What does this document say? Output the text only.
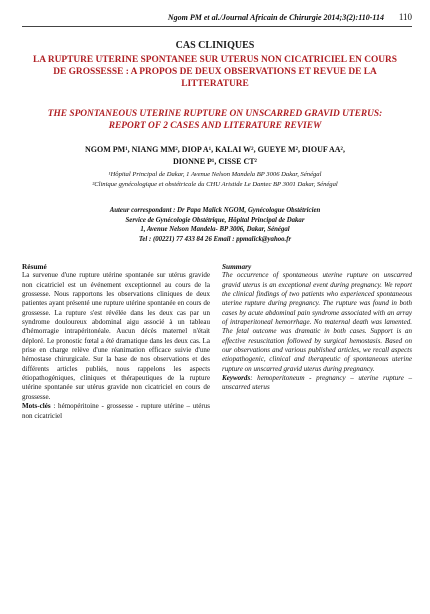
Ngom PM et al./Journal Africain de Chirurgie 2014;3(2):110-114 110
CAS CLINIQUES
LA RUPTURE UTERINE SPONTANEE SUR UTERUS NON CICATRICIEL EN COURS DE GROSSESSE : A PROPOS DE DEUX OBSERVATIONS ET REVUE DE LA LITTERATURE
THE SPONTANEOUS UTERINE RUPTURE ON UNSCARRED GRAVID UTERUS: REPORT OF 2 CASES AND LITERATURE REVIEW
NGOM PM¹, NIANG MM², DIOP A¹, KALAI W², GUEYE M², DIOUF AA²,
DIONNE P¹, CISSE CT²
¹Hôpital Principal de Dakar, 1 Avenue Nelson Mandela BP 3006 Dakar, Sénégal
²Clinique gynécologique et obstétricale du CHU Aristide Le Dantec BP 3001 Dakar, Sénégal
Auteur correspondant : Dr Papa Malick NGOM, Gynécologue Obstétricien
Service de Gynécologie Obstétrique, Hôpital Principal de Dakar
1, Avenue Nelson Mandela- BP 3006, Dakar, Sénégal
Tel : (00221) 77 433 84 26 Email : ppmalick@yahoo.fr

Résumé

La survenue d'une rupture utérine spontanée sur utérus gravide non cicatriciel est un événement exceptionnel au cours de la grossesse. Nous rapportons les observations cliniques de deux patientes ayant présenté une rupture utérine spontanée en cours de grossesse. La rupture s'est révélée dans les deux cas par un syndrome douloureux abdominal aigu associé à un tableau d'hémorragie intrapéritonéale. Aucun décès maternel n'était déploré. Le pronostic fœtal a été dramatique dans les deux cas. La prise en charge relève d'une réanimation efficace suivie d'une hémostase chirurgicale. Sur la base de nos observations et des différents articles publiés, nous rappelons les aspects étiopathogéniques, cliniques et thérapeutiques de la rupture utérine spontanée sur utérus gravide non cicatriciel en cours de grossesse.

Mots-clés : hémopéritoine - grossesse - rupture utérine – utérus non cicatriciel

Summary

The occurrence of spontaneous uterine rupture on unscarred gravid uterus is an exceptional event during pregnancy. We report the clinical findings of two patients who experienced spontaneous uterine rupture during pregnancy. The rupture was found in both cases by acute abdominal pain syndrome associated with an array of intraperitoneal hemorrhage. No maternal death was lamented. The fetal outcome was dramatic in both cases. Support is an effective resuscitation followed by surgical hemostasis. Based on our observations and various published articles, we recall aspects etiopathogenic, clinical and therapeutic of spontaneous uterine rupture on unscarred gravid uterus during pregnancy.

Keywords: hemoperitoneum - pregnancy – uterine rupture – unscarred uterus
